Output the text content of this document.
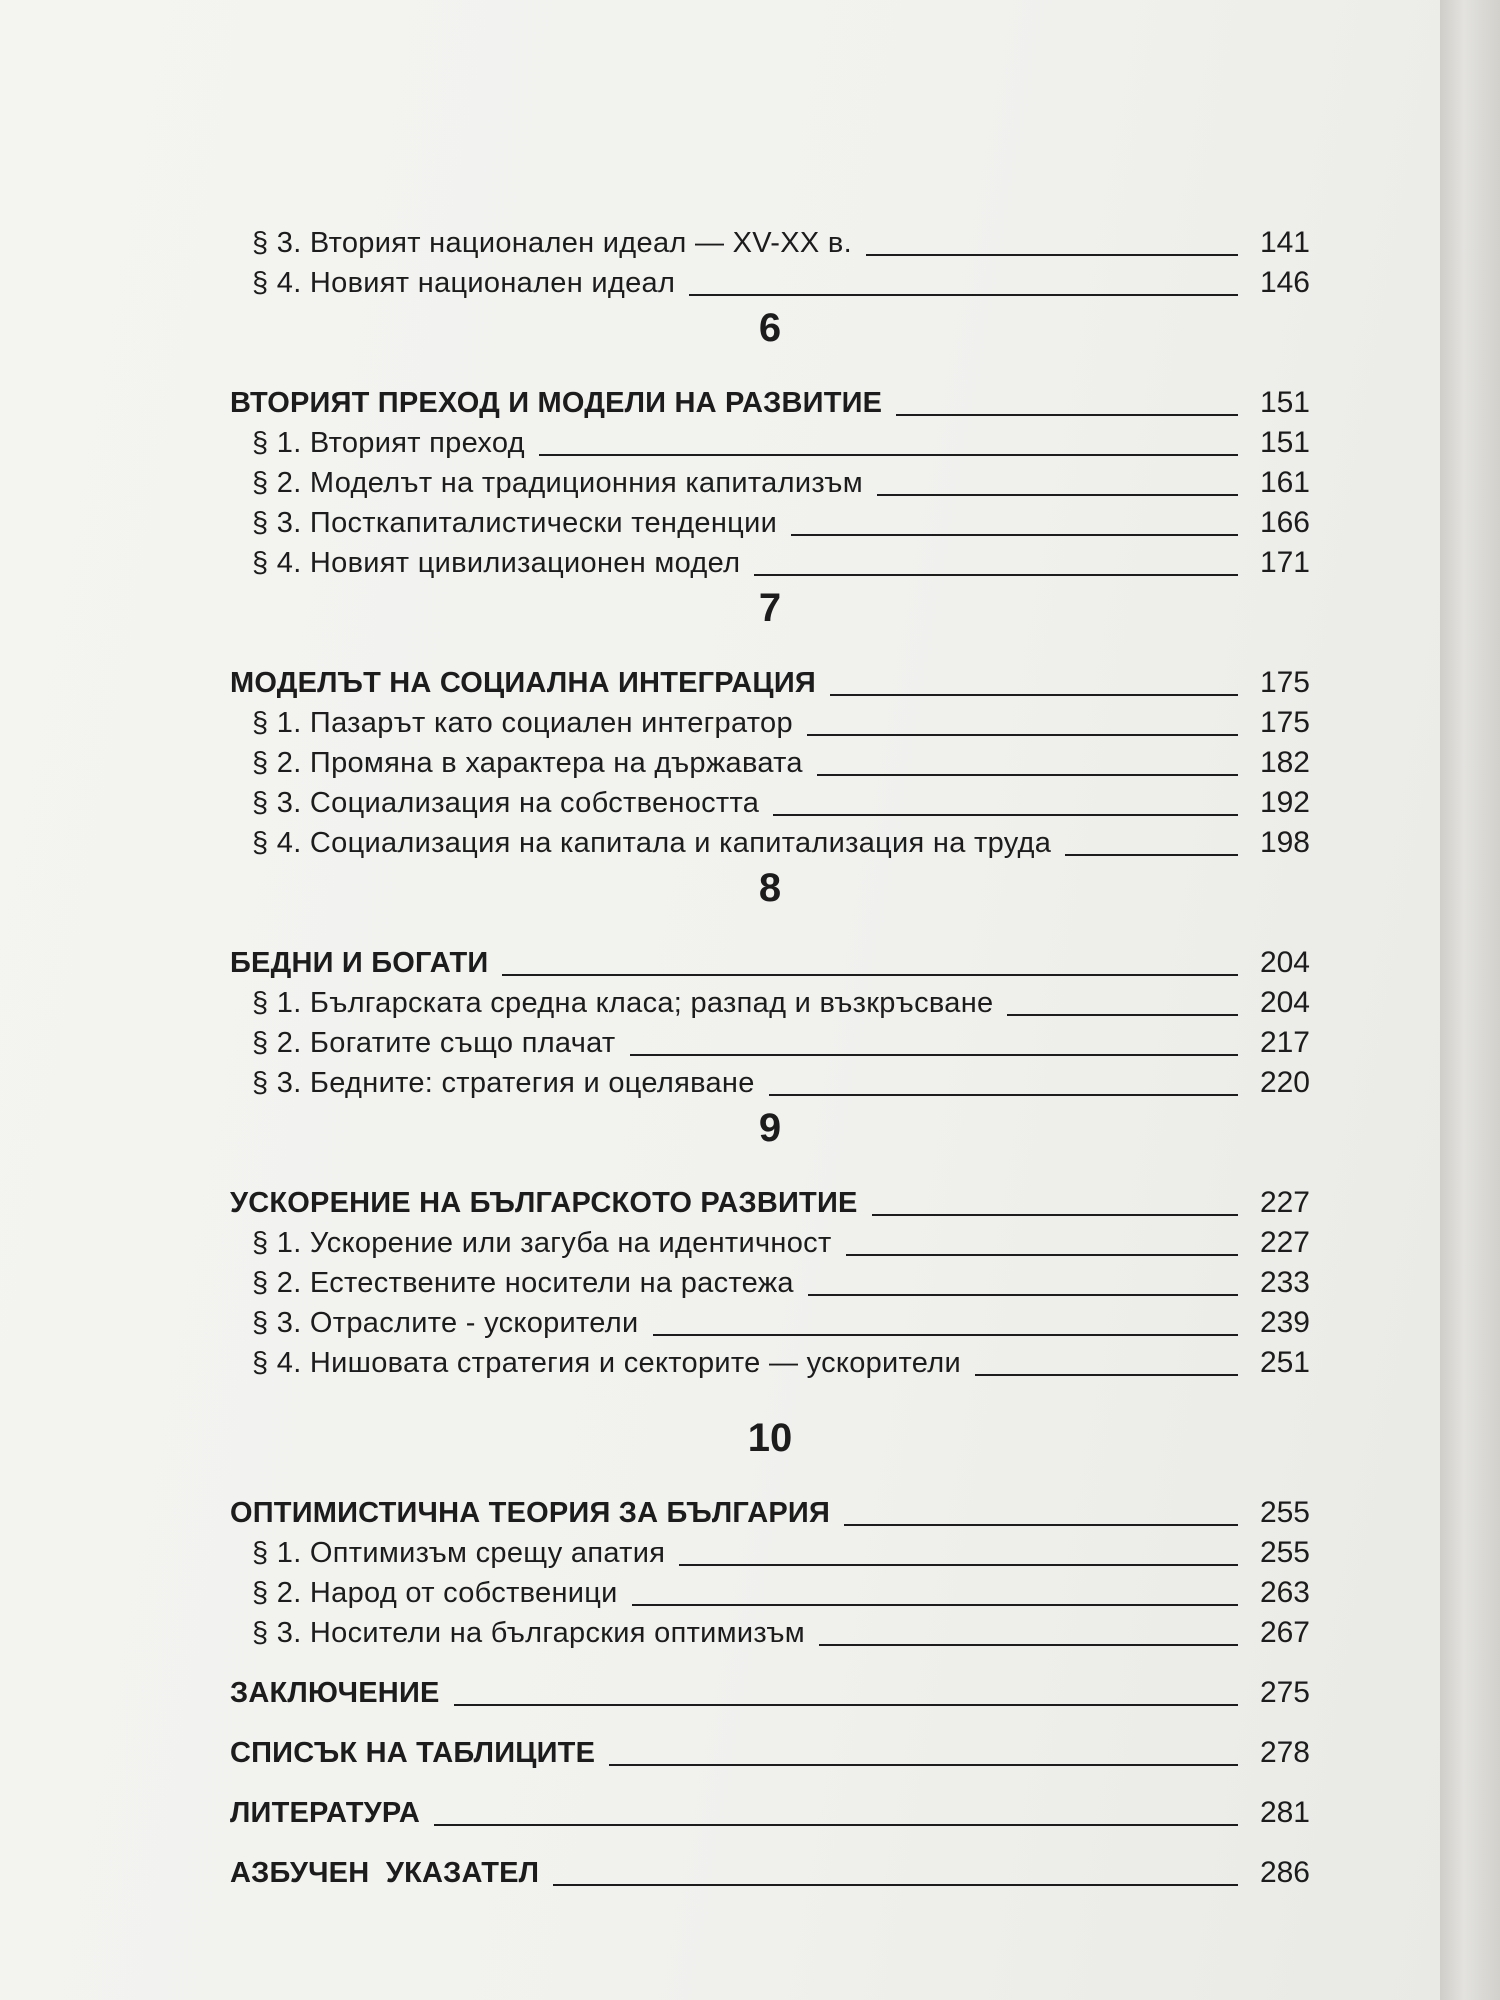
§ 3. Вторият национален идеал — XV-XX в.	141
§ 4. Новият национален идеал	146
6
ВТОРИЯТ ПРЕХОД И МОДЕЛИ НА РАЗВИТИЕ	151
§ 1. Вторият преход	151
§ 2. Моделът на традиционния капитализъм	161
§ 3. Посткапиталистически тенденции	166
§ 4. Новият цивилизационен модел	171
7
МОДЕЛЪТ НА СОЦИАЛНА ИНТЕГРАЦИЯ	175
§ 1. Пазарът като социален интегратор	175
§ 2. Промяна в характера на държавата	182
§ 3. Социализация на собствеността	192
§ 4. Социализация на капитала и капитализация на труда	198
8
БЕДНИ И БОГАТИ	204
§ 1. Българската средна класа; разпад и възкръсване	204
§ 2. Богатите също плачат	217
§ 3. Бедните: стратегия и оцеляване	220
9
УСКОРЕНИЕ НА БЪЛГАРСКОТО РАЗВИТИЕ	227
§ 1. Ускорение или загуба на идентичност	227
§ 2. Естествените носители на растежа	233
§ 3. Отраслите - ускорители	239
§ 4. Нишовата стратегия и секторите — ускорители	251
10
ОПТИМИСТИЧНА ТЕОРИЯ ЗА БЪЛГАРИЯ	255
§ 1. Оптимизъм срещу апатия	255
§ 2. Народ от собственици	263
§ 3. Носители на българския оптимизъм	267
ЗАКЛЮЧЕНИЕ	275
СПИСЪК НА ТАБЛИЦИТЕ	278
ЛИТЕРАТУРА	281
АЗБУЧЕН  УКАЗАТЕЛ	286
